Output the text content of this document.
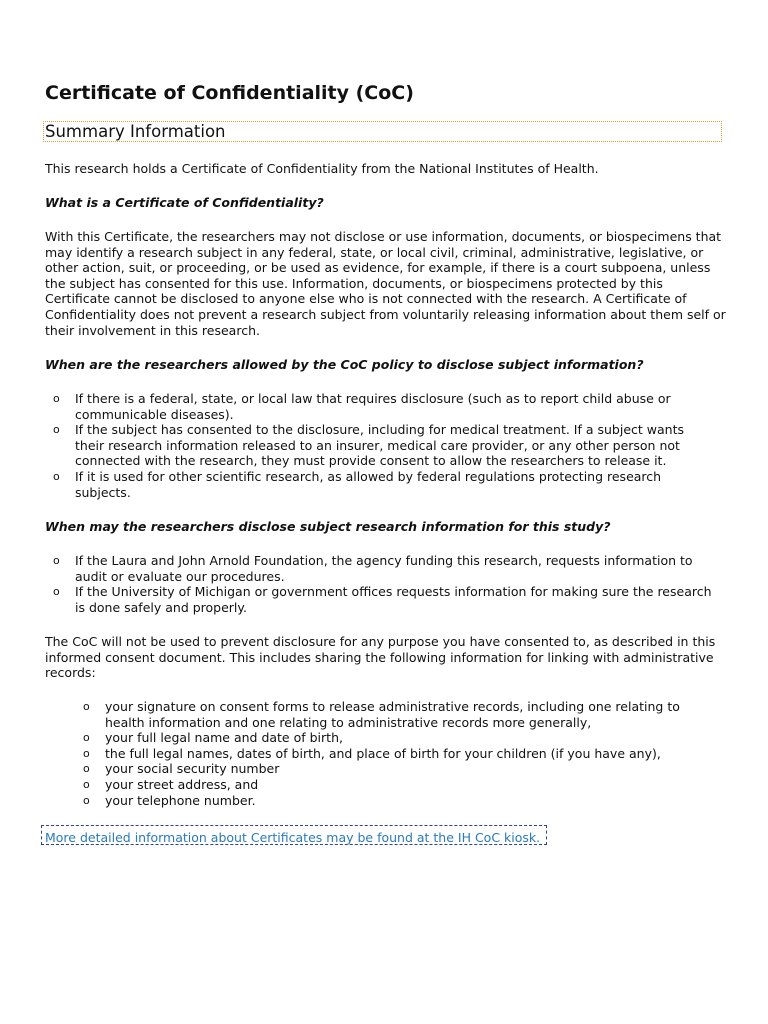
Certificate of Confidentiality (CoC)
Summary Information

This research holds a Certificate of Confidentiality from the National Institutes of Health.

What is a Certificate of Confidentiality?

With this Certificate, the researchers may not disclose or use information, documents, or biospecimens that may identify a research subject in any federal, state, or local civil, criminal, administrative, legislative, or other action, suit, or proceeding, or be used as evidence, for example, if there is a court subpoena, unless the subject has consented for this use. Information, documents, or biospecimens protected by this Certificate cannot be disclosed to anyone else who is not connected with the research. A Certificate of Confidentiality does not prevent a research subject from voluntarily releasing information about them self or their involvement in this research.

When are the researchers allowed by the CoC policy to disclose subject information?

o If there is a federal, state, or local law that requires disclosure (such as to report child abuse or communicable diseases).
o If the subject has consented to the disclosure, including for medical treatment. If a subject wants their research information released to an insurer, medical care provider, or any other person not connected with the research, they must provide consent to allow the researchers to release it.
o If it is used for other scientific research, as allowed by federal regulations protecting research subjects.

When may the researchers disclose subject research information for this study?

o If the Laura and John Arnold Foundation, the agency funding this research, requests information to audit or evaluate our procedures.
o If the University of Michigan or government offices requests information for making sure the research is done safely and properly.

The CoC will not be used to prevent disclosure for any purpose you have consented to, as described in this informed consent document. This includes sharing the following information for linking with administrative records:

o your signature on consent forms to release administrative records, including one relating to health information and one relating to administrative records more generally,
o your full legal name and date of birth,
o the full legal names, dates of birth, and place of birth for your children (if you have any),
o your social security number
o your street address, and
o your telephone number.
More detailed information about Certificates may be found at the IH CoC kiosk.
